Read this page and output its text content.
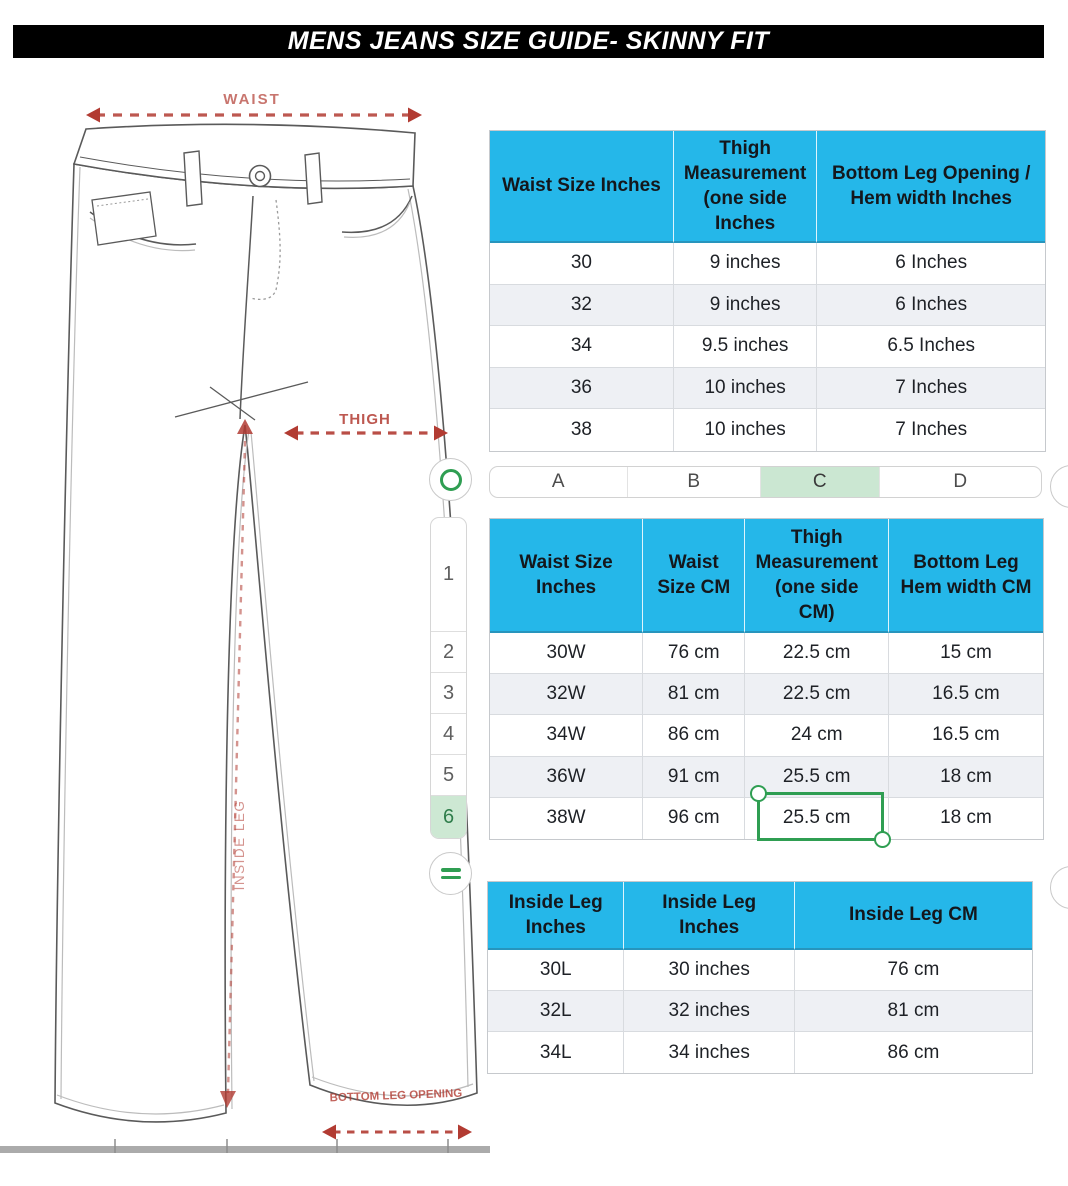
MENS JEANS SIZE GUIDE- SKINNY FIT
WAIST
THIGH
INSIDE LEG
BOTTOM LEG OPENING
Waist Size Inches
Thigh Measurement (one side Inches
Bottom Leg Opening / Hem width Inches
30	9 inches	6 Inches
32	9 inches	6 Inches
34	9.5 inches	6.5 Inches
36	10 inches	7 Inches
38	10 inches	7 Inches
A	B	C	D
1
2
3
4
5
6
Waist Size Inches
Waist Size CM
Thigh Measurement (one side CM)
Bottom Leg Hem width CM
30W	76 cm	22.5 cm	15 cm
32W	81 cm	22.5 cm	16.5 cm
34W	86 cm	24 cm	16.5 cm
36W	91 cm	25.5 cm	18 cm
38W	96 cm	25.5 cm	18 cm
Inside Leg Inches
Inside Leg Inches
Inside Leg CM
30L	30 inches	76 cm
32L	32 inches	81 cm
34L	34 inches	86 cm
